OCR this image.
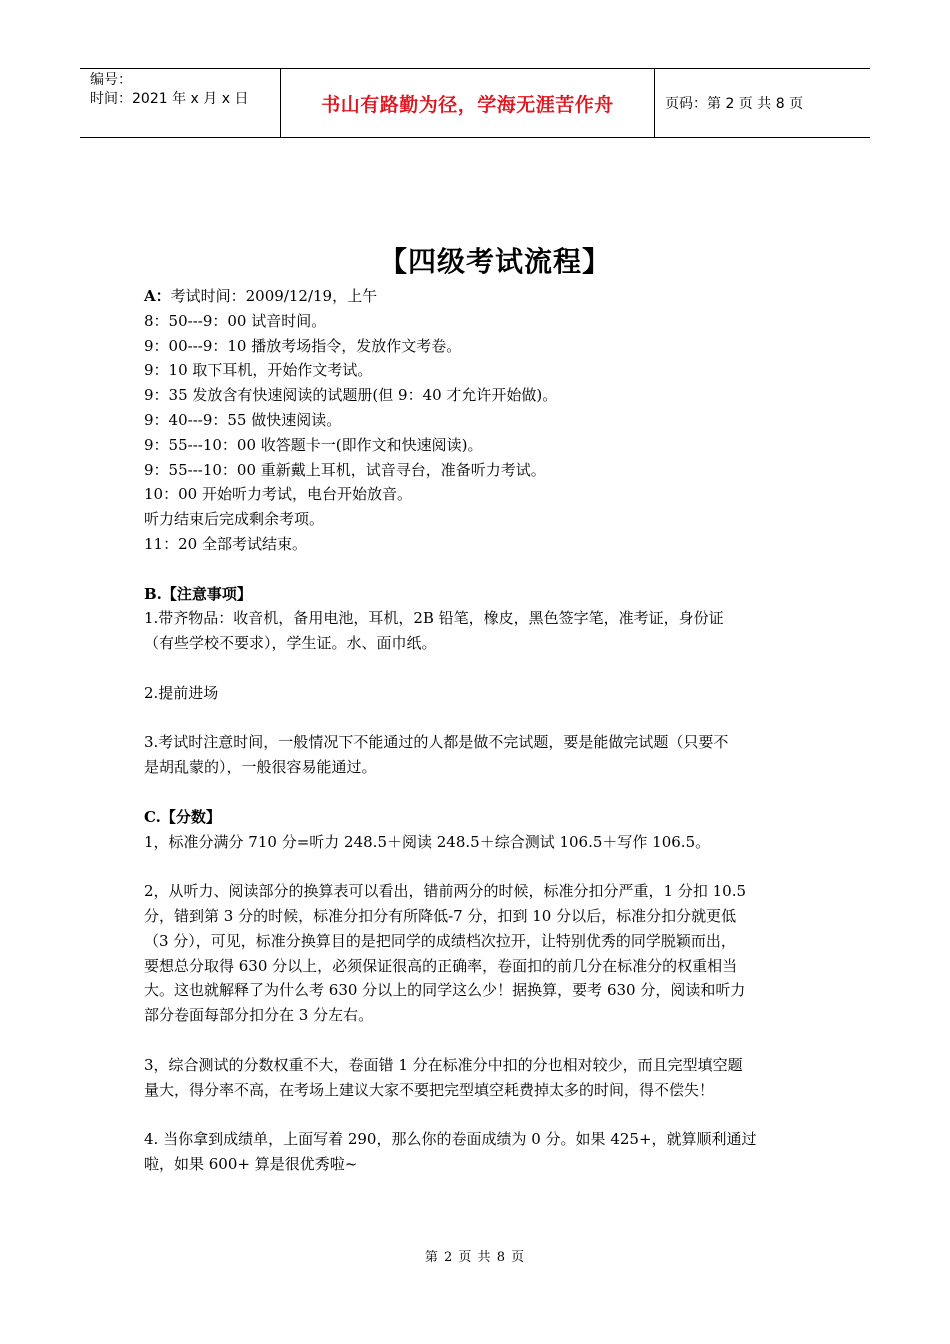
编号：
时间：2021 年 x 月 x 日	书山有路勤为径，学海无涯苦作舟	页码：第 2 页 共 8 页
【四级考试流程】
A：考试时间：2009/12/19，上午
8：50---9：00 试音时间。
9：00---9：10 播放考场指令，发放作文考卷。
9：10 取下耳机，开始作文考试。
9：35 发放含有快速阅读的试题册(但 9：40 才允许开始做)。
9：40---9：55 做快速阅读。
9：55---10：00 收答题卡一(即作文和快速阅读)。
9：55---10：00 重新戴上耳机，试音寻台，准备听力考试。
10：00 开始听力考试，电台开始放音。
听力结束后完成剩余考项。
11：20 全部考试结束。
B.【注意事项】
1.带齐物品：收音机，备用电池，耳机，2B 铅笔，橡皮，黑色签字笔，准考证，身份证
（有些学校不要求），学生证。水、面巾纸。
2.提前进场
3.考试时注意时间，一般情况下不能通过的人都是做不完试题，要是能做完试题（只要不
是胡乱蒙的），一般很容易能通过。
C.【分数】
1，标准分满分 710 分=听力 248.5＋阅读 248.5＋综合测试 106.5＋写作 106.5。
2，从听力、阅读部分的换算表可以看出，错前两分的时候，标准分扣分严重，1 分扣 10.5
分，错到第 3 分的时候，标准分扣分有所降低-7 分，扣到 10 分以后，标准分扣分就更低
（3 分），可见，标准分换算目的是把同学的成绩档次拉开，让特别优秀的同学脱颖而出，
要想总分取得 630 分以上，必须保证很高的正确率，卷面扣的前几分在标准分的权重相当
大。这也就解释了为什么考 630 分以上的同学这么少！据换算，要考 630 分，阅读和听力
部分卷面每部分扣分在 3 分左右。
3，综合测试的分数权重不大，卷面错 1 分在标准分中扣的分也相对较少，而且完型填空题
量大，得分率不高，在考场上建议大家不要把完型填空耗费掉太多的时间，得不偿失！
4. 当你拿到成绩单，上面写着 290，那么你的卷面成绩为 0 分。如果 425+，就算顺利通过
啦，如果 600+ 算是很优秀啦~
第 2 页 共 8 页
